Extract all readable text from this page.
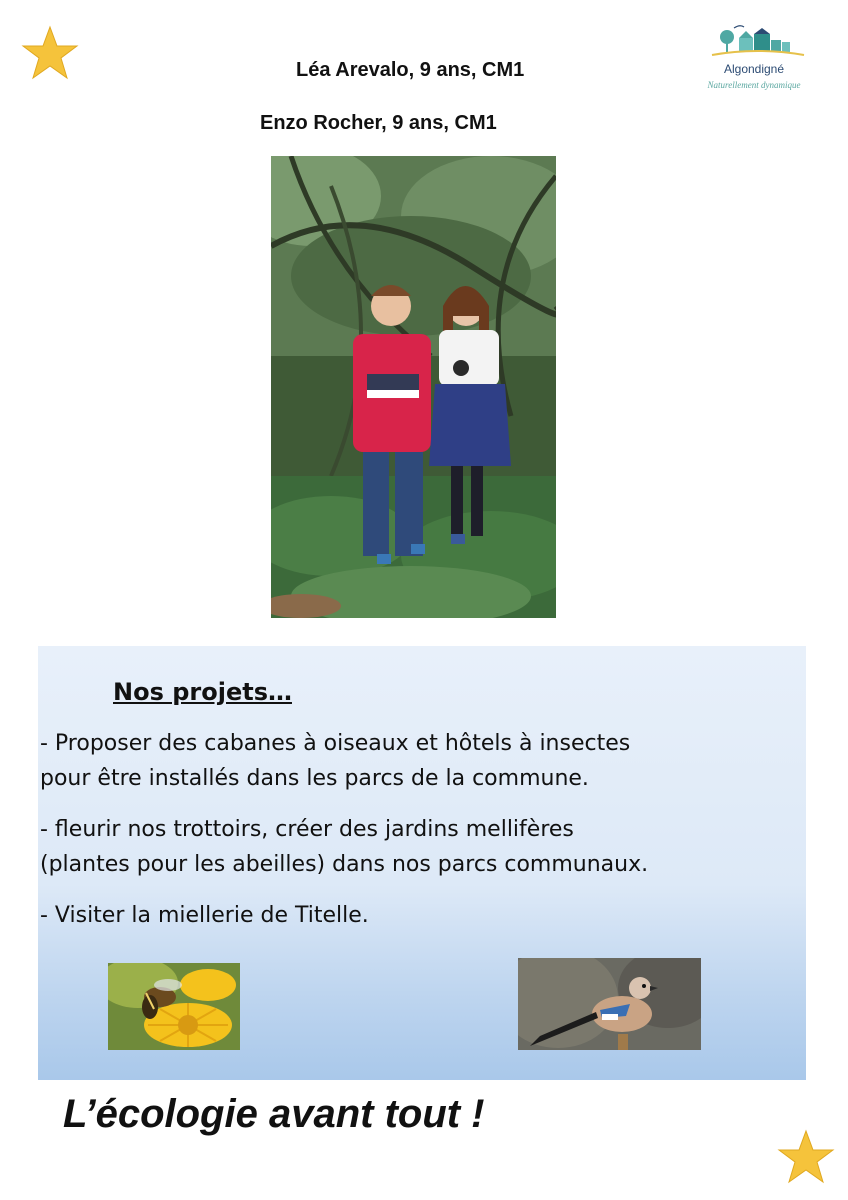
Léa Arevalo, 9 ans, CM1
Enzo Rocher, 9 ans, CM1
Algondigné
Naturellement dynamique
Nos projets…
- Proposer des cabanes à oiseaux et hôtels à insectes
pour être installés dans les parcs de la commune.
- fleurir nos trottoirs, créer des jardins mellifères
(plantes pour les abeilles) dans nos parcs communaux.
- Visiter la miellerie de Titelle.
L’écologie avant tout !
